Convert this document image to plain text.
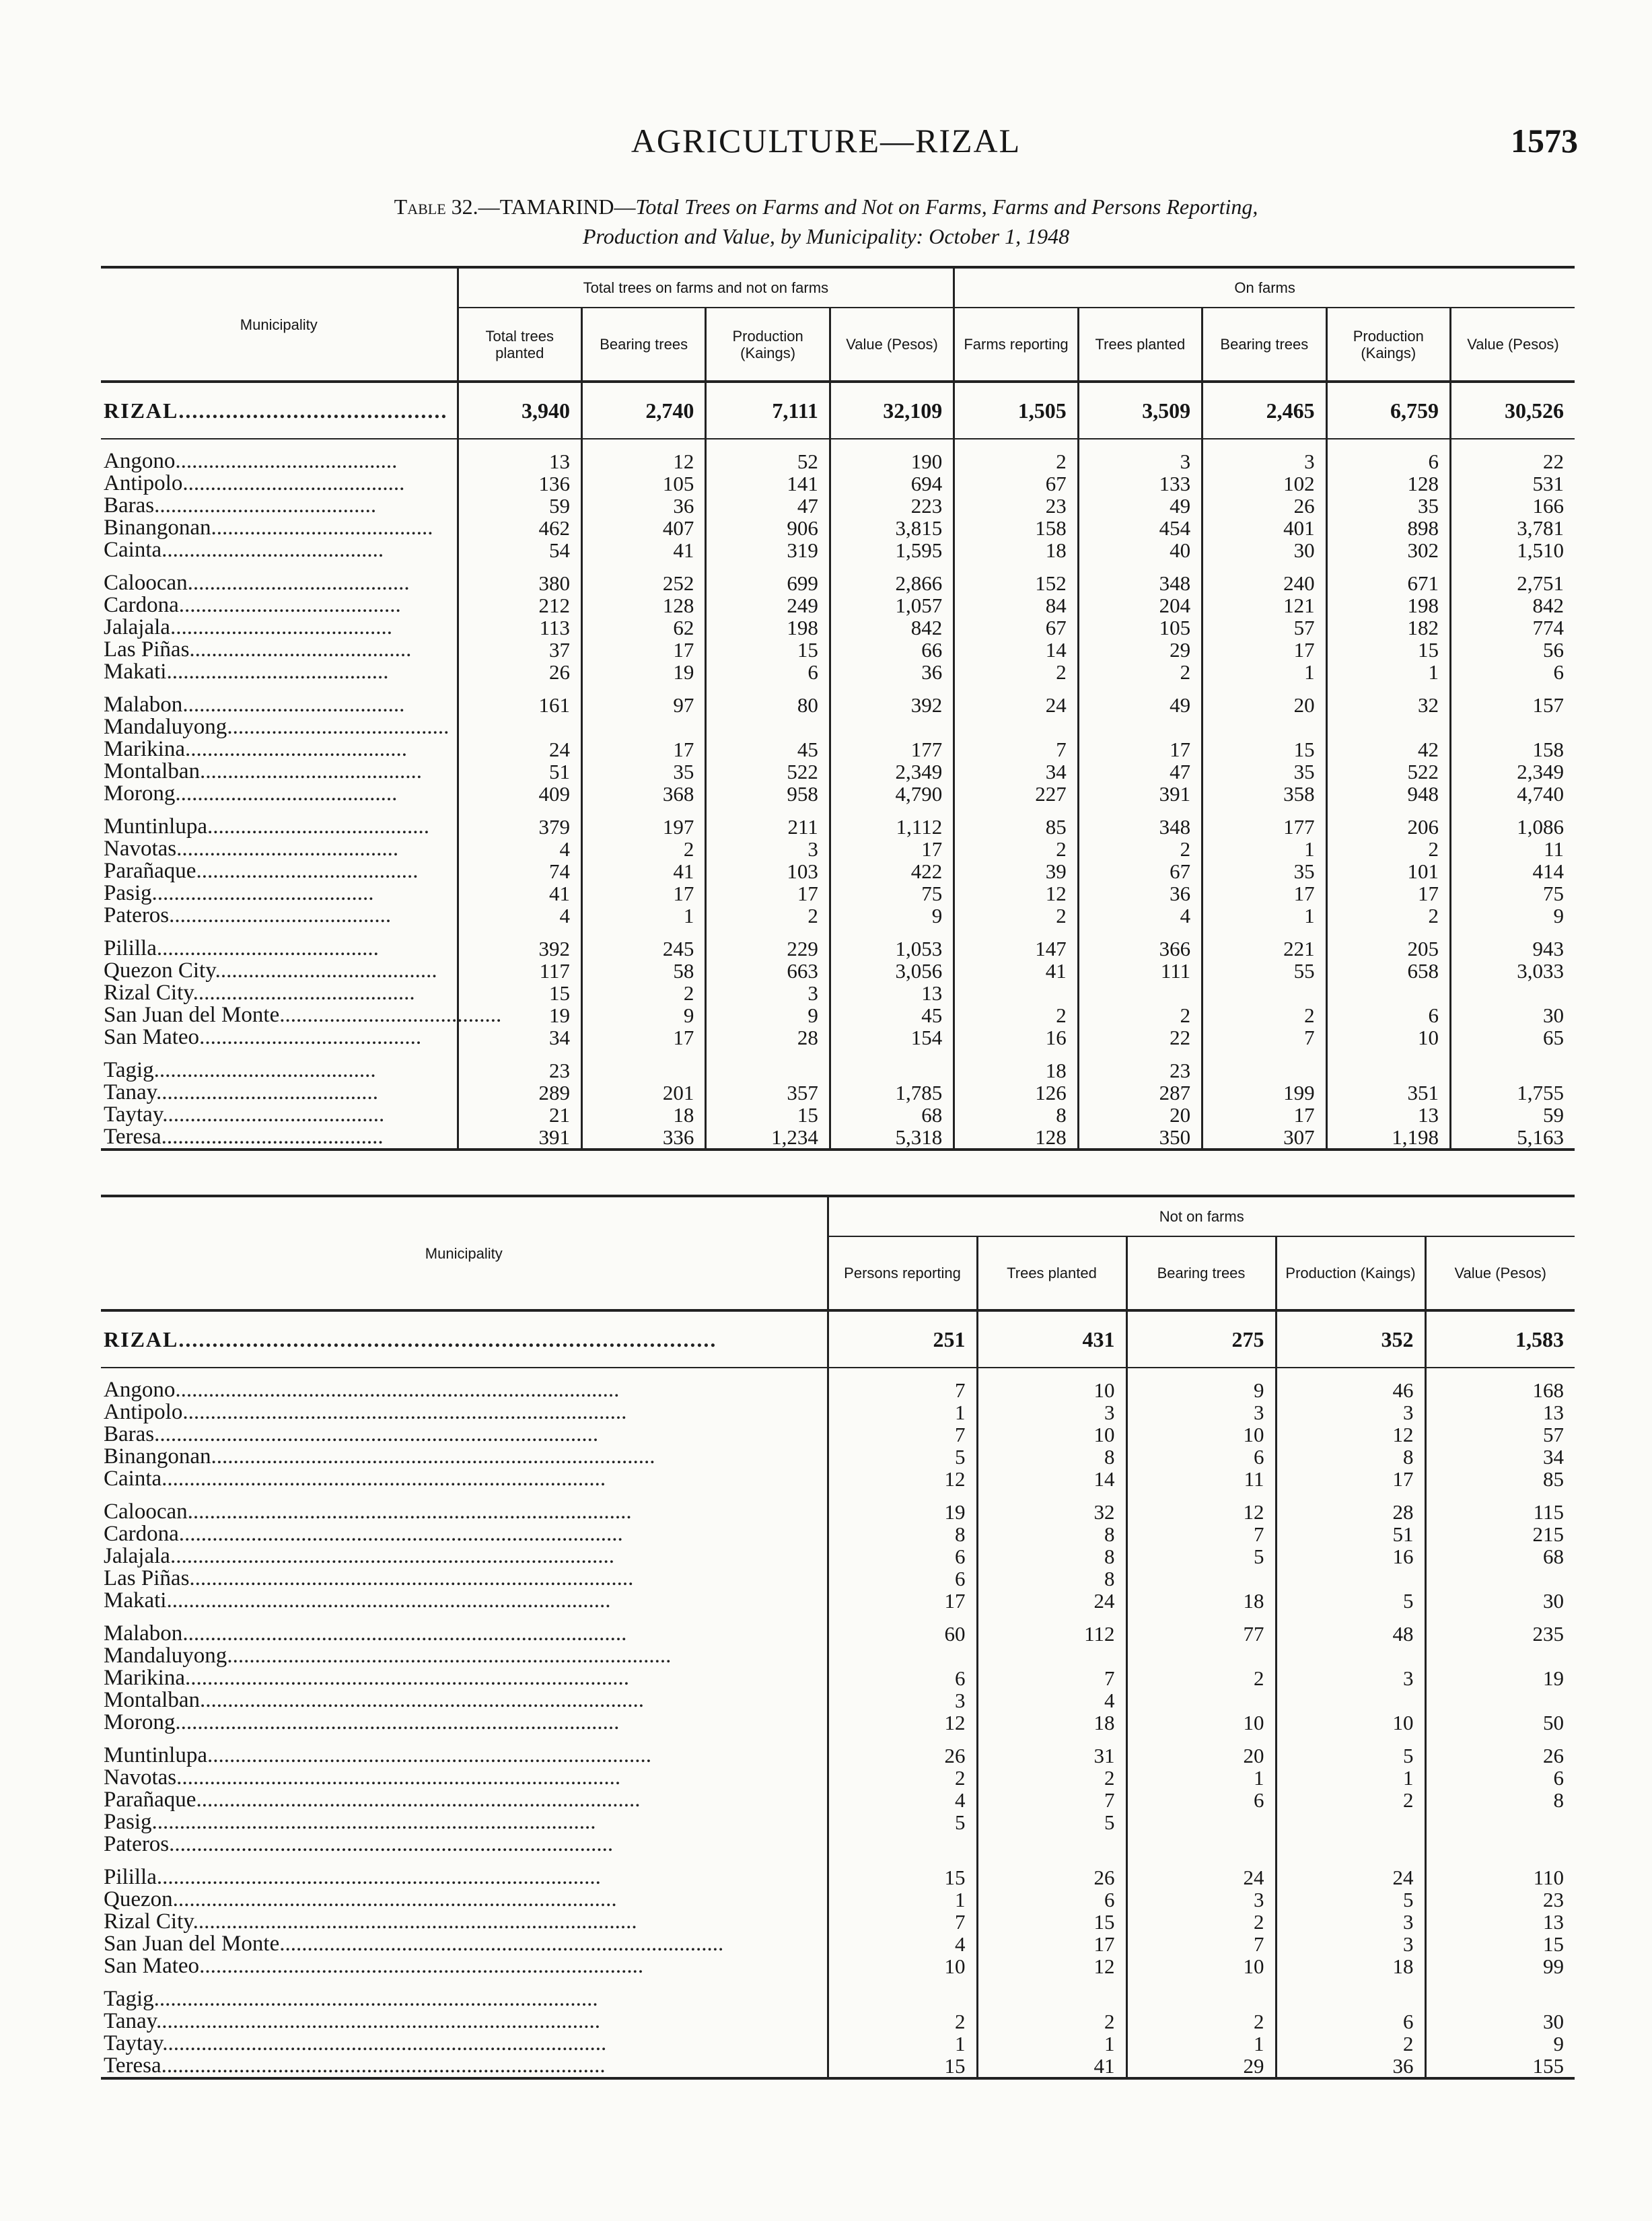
AGRICULTURE—RIZAL	1573
Table 32.—TAMARIND—Total Trees on Farms and Not on Farms, Farms and Persons Reporting,
Production and Value, by Municipality: October 1, 1948
Municipality	Total trees on farms and not on farms				On farms				
	Total trees planted	Bearing trees	Production (Kaings)	Value (Pesos)	Farms reporting	Trees planted	Bearing trees	Production (Kaings)	Value (Pesos)
RIZAL........................................	3,940	2,740	7,111	32,109	1,505	3,509	2,465	6,759	30,526

Angono........................................	13	12	52	190	2	3	3	6	22
Antipolo........................................	136	105	141	694	67	133	102	128	531
Baras........................................	59	36	47	223	23	49	26	35	166
Binangonan........................................	462	407	906	3,815	158	454	401	898	3,781
Cainta........................................	54	41	319	1,595	18	40	30	302	1,510

Caloocan........................................	380	252	699	2,866	152	348	240	671	2,751
Cardona........................................	212	128	249	1,057	84	204	121	198	842
Jalajala........................................	113	62	198	842	67	105	57	182	774
Las Piñas........................................	37	17	15	66	14	29	17	15	56
Makati........................................	26	19	6	36	2	2	1	1	6

Malabon........................................	161	97	80	392	24	49	20	32	157
Mandaluyong........................................									
Marikina........................................	24	17	45	177	7	17	15	42	158
Montalban........................................	51	35	522	2,349	34	47	35	522	2,349
Morong........................................	409	368	958	4,790	227	391	358	948	4,740

Muntinlupa........................................	379	197	211	1,112	85	348	177	206	1,086
Navotas........................................	4	2	3	17	2	2	1	2	11
Parañaque........................................	74	41	103	422	39	67	35	101	414
Pasig........................................	41	17	17	75	12	36	17	17	75
Pateros........................................	4	1	2	9	2	4	1	2	9

Pililla........................................	392	245	229	1,053	147	366	221	205	943
Quezon City........................................	117	58	663	3,056	41	111	55	658	3,033
Rizal City........................................	15	2	3	13					
San Juan del Monte........................................	19	9	9	45	2	2	2	6	30
San Mateo........................................	34	17	28	154	16	22	7	10	65

Tagig........................................	23				18	23			
Tanay........................................	289	201	357	1,785	126	287	199	351	1,755
Taytay........................................	21	18	15	68	8	20	17	13	59
Teresa........................................	391	336	1,234	5,318	128	350	307	1,198	5,163
Municipality	Not on farms				
	Persons reporting	Trees planted	Bearing trees	Production (Kaings)	Value (Pesos)
RIZAL................................................................................	251	431	275	352	1,583

Angono................................................................................	7	10	9	46	168
Antipolo................................................................................	1	3	3	3	13
Baras................................................................................	7	10	10	12	57
Binangonan................................................................................	5	8	6	8	34
Cainta................................................................................	12	14	11	17	85

Caloocan................................................................................	19	32	12	28	115
Cardona................................................................................	8	8	7	51	215
Jalajala................................................................................	6	8	5	16	68
Las Piñas................................................................................	6	8			
Makati................................................................................	17	24	18	5	30

Malabon................................................................................	60	112	77	48	235
Mandaluyong................................................................................					
Marikina................................................................................	6	7	2	3	19
Montalban................................................................................	3	4			
Morong................................................................................	12	18	10	10	50

Muntinlupa................................................................................	26	31	20	5	26
Navotas................................................................................	2	2	1	1	6
Parañaque................................................................................	4	7	6	2	8
Pasig................................................................................	5	5			
Pateros................................................................................					

Pililla................................................................................	15	26	24	24	110
Quezon................................................................................	1	6	3	5	23
Rizal City................................................................................	7	15	2	3	13
San Juan del Monte................................................................................	4	17	7	3	15
San Mateo................................................................................	10	12	10	18	99

Tagig................................................................................					
Tanay................................................................................	2	2	2	6	30
Taytay................................................................................	1	1	1	2	9
Teresa................................................................................	15	41	29	36	155
